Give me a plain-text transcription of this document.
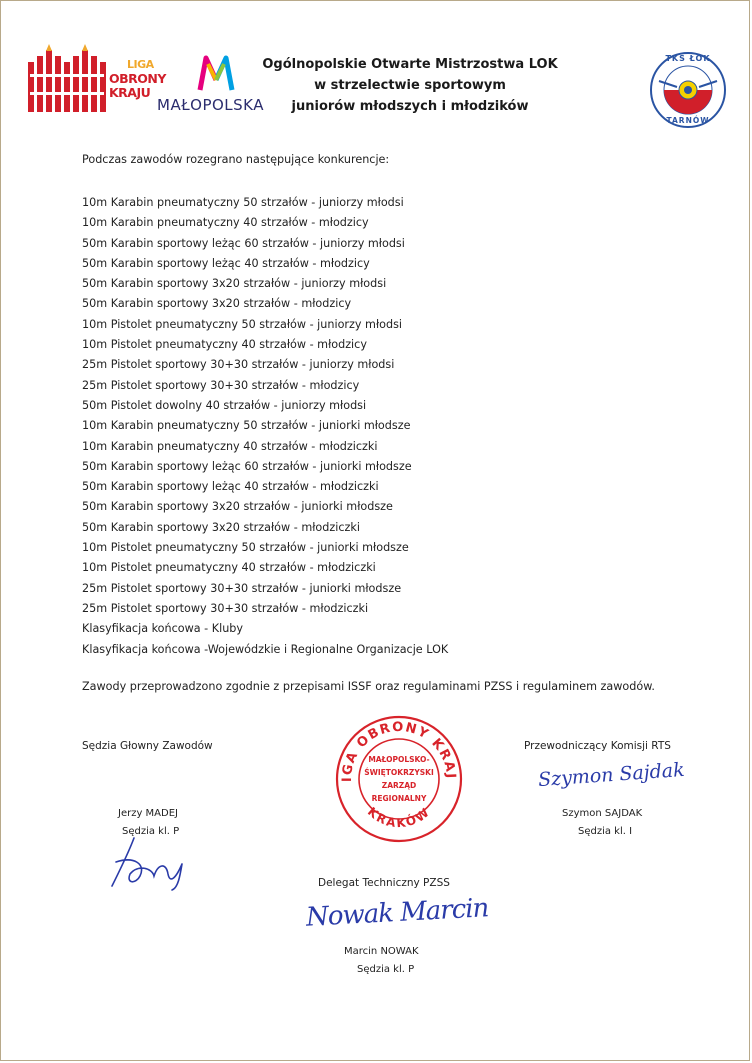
LIGA
OBRONY
KRAJU
MAŁOPOLSKA
Ogólnopolskie Otwarte Mistrzostwa LOK
w strzelectwie sportowym
juniorów młodszych i młodzików
TKS ŁOK
TARNÓW
Podczas zawodów rozegrano następujące konkurencje:
10m Karabin pneumatyczny 50 strzałów - juniorzy młodsi
10m Karabin pneumatyczny 40 strzałów - młodzicy
50m Karabin sportowy leżąc 60 strzałów - juniorzy młodsi
50m Karabin sportowy leżąc 40 strzałów - młodzicy
50m Karabin sportowy 3x20 strzałów - juniorzy młodsi
50m Karabin sportowy 3x20 strzałów - młodzicy
10m Pistolet pneumatyczny 50 strzałów - juniorzy młodsi
10m Pistolet pneumatyczny 40 strzałów - młodzicy
25m Pistolet sportowy 30+30 strzałów - juniorzy młodsi
25m Pistolet sportowy 30+30 strzałów - młodzicy
50m Pistolet dowolny 40 strzałów - juniorzy młodsi
10m Karabin pneumatyczny 50 strzałów - juniorki młodsze
10m Karabin pneumatyczny 40 strzałów - młodziczki
50m Karabin sportowy leżąc 60 strzałów - juniorki młodsze
50m Karabin sportowy leżąc 40 strzałów - młodziczki
50m Karabin sportowy 3x20 strzałów - juniorki młodsze
50m Karabin sportowy 3x20 strzałów - młodziczki
10m Pistolet pneumatyczny 50 strzałów - juniorki młodsze
10m Pistolet pneumatyczny 40 strzałów - młodziczki
25m Pistolet sportowy 30+30 strzałów - juniorki młodsze
25m Pistolet sportowy 30+30 strzałów - młodziczki
Klasyfikacja końcowa - Kluby
Klasyfikacja końcowa -Wojewódzkie i Regionalne Organizacje LOK
Zawody przeprowadzono zgodnie z przepisami ISSF oraz regulaminami PZSS i regulaminem zawodów.
Sędzia Głowny Zawodów
Jerzy MADEJ
Sędzia kl. P
IGA OBRONY KRAJ
KRAKÓW
MAŁOPOLSKO-
ŚWIĘTOKRZYSKI
ZARZĄD
REGIONALNY
Przewodniczący Komisji RTS
Szymon Sajdak
Szymon SAJDAK
Sędzia kl. I
Delegat Techniczny PZSS
Nowak Marcin
Marcin NOWAK
Sędzia kl. P
